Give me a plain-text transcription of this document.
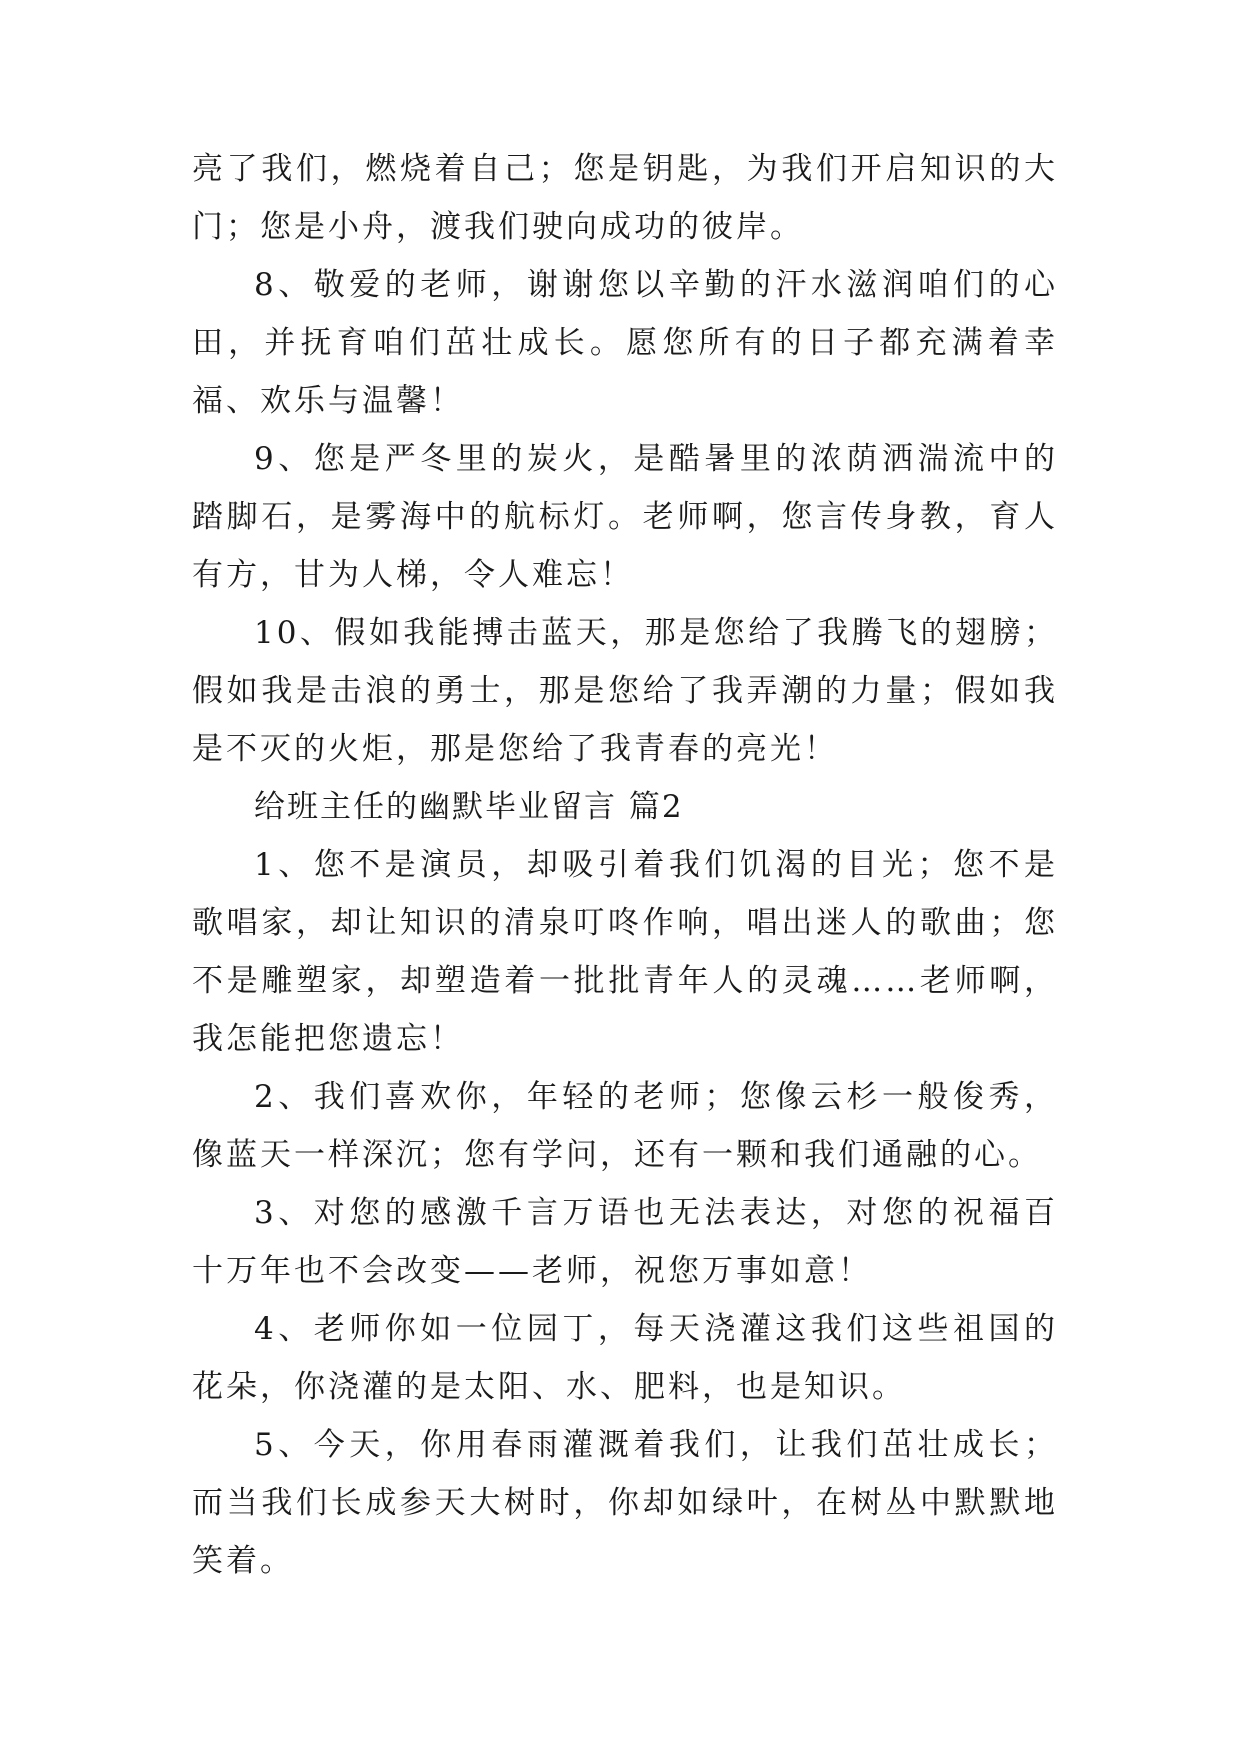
亮了我们，燃烧着自己；您是钥匙，为我们开启知识的大门；您是小舟，渡我们驶向成功的彼岸。

8、敬爱的老师，谢谢您以辛勤的汗水滋润咱们的心田，并抚育咱们茁壮成长。愿您所有的日子都充满着幸福、欢乐与温馨！

9、您是严冬里的炭火，是酷暑里的浓荫洒湍流中的踏脚石，是雾海中的航标灯。老师啊，您言传身教，育人有方，甘为人梯，令人难忘！

10、假如我能搏击蓝天，那是您给了我腾飞的翅膀；假如我是击浪的勇士，那是您给了我弄潮的力量；假如我是不灭的火炬，那是您给了我青春的亮光！

给班主任的幽默毕业留言 篇2

1、您不是演员，却吸引着我们饥渴的目光；您不是歌唱家，却让知识的清泉叮咚作响，唱出迷人的歌曲；您不是雕塑家，却塑造着一批批青年人的灵魂……老师啊，我怎能把您遗忘！

2、我们喜欢你，年轻的老师；您像云杉一般俊秀，像蓝天一样深沉；您有学问，还有一颗和我们通融的心。

3、对您的感激千言万语也无法表达，对您的祝福百十万年也不会改变——老师，祝您万事如意！

4、老师你如一位园丁，每天浇灌这我们这些祖国的花朵，你浇灌的是太阳、水、肥料，也是知识。

5、今天，你用春雨灌溉着我们，让我们茁壮成长；而当我们长成参天大树时，你却如绿叶，在树丛中默默地笑着。
